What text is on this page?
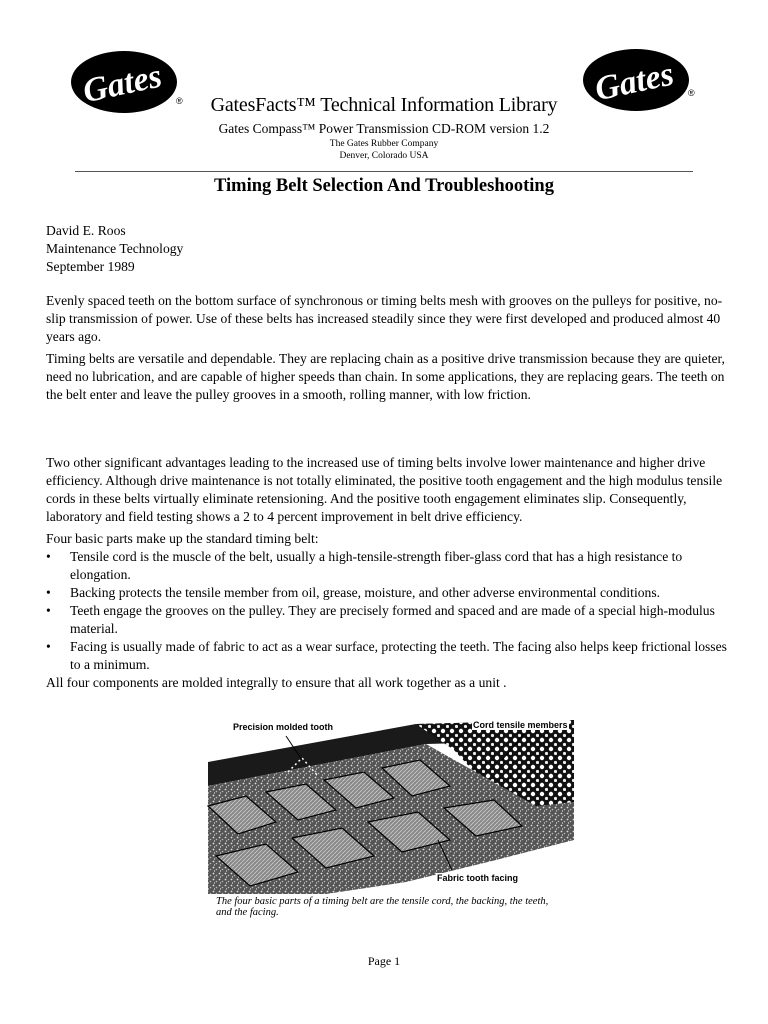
Gates ®	Gates ®
GatesFacts™ Technical Information Library
Gates Compass™ Power Transmission CD-ROM version 1.2
The Gates Rubber Company
Denver, Colorado USA
Timing Belt Selection And Troubleshooting

David E. Roos

Maintenance Technology

September 1989

Evenly spaced teeth on the bottom surface of synchronous or timing belts mesh with grooves on the pulleys for positive, no-slip transmission of power. Use of these belts has increased steadily since they were first developed and produced almost 40 years ago.

Timing belts are versatile and dependable. They are replacing chain as a positive drive transmission because they are quieter, need no lubrication, and are capable of higher speeds than chain. In some applications, they are replacing gears. The teeth on the belt enter and leave the pulley grooves in a smooth, rolling manner, with low friction.

Two other significant advantages leading to the increased use of timing belts involve lower maintenance and higher drive efficiency. Although drive maintenance is not totally eliminated, the positive tooth engagement and the high modulus tensile cords in these belts virtually eliminate retensioning. And the positive tooth engagement eliminates slip. Consequently, laboratory and field testing shows a 2 to 4 percent improvement in belt drive efficiency.

Four basic parts make up the standard timing belt:

• Tensile cord is the muscle of the belt, usually a high-tensile-strength fiber-glass cord that has a high resistance to elongation.
• Backing protects the tensile member from oil, grease, moisture, and other adverse environmental conditions.
• Teeth engage the grooves on the pulley. They are precisely formed and spaced and are made of a special high-modulus material.
• Facing is usually made of fabric to act as a wear surface, protecting the teeth. The facing also helps keep frictional losses to a minimum.

All four components are molded integrally to ensure that all work together as a unit .

Precision molded tooth	Cord tensile members
Fabric tooth facing
The four basic parts of a timing belt are the tensile cord, the backing, the teeth, and the facing.
Page 1
